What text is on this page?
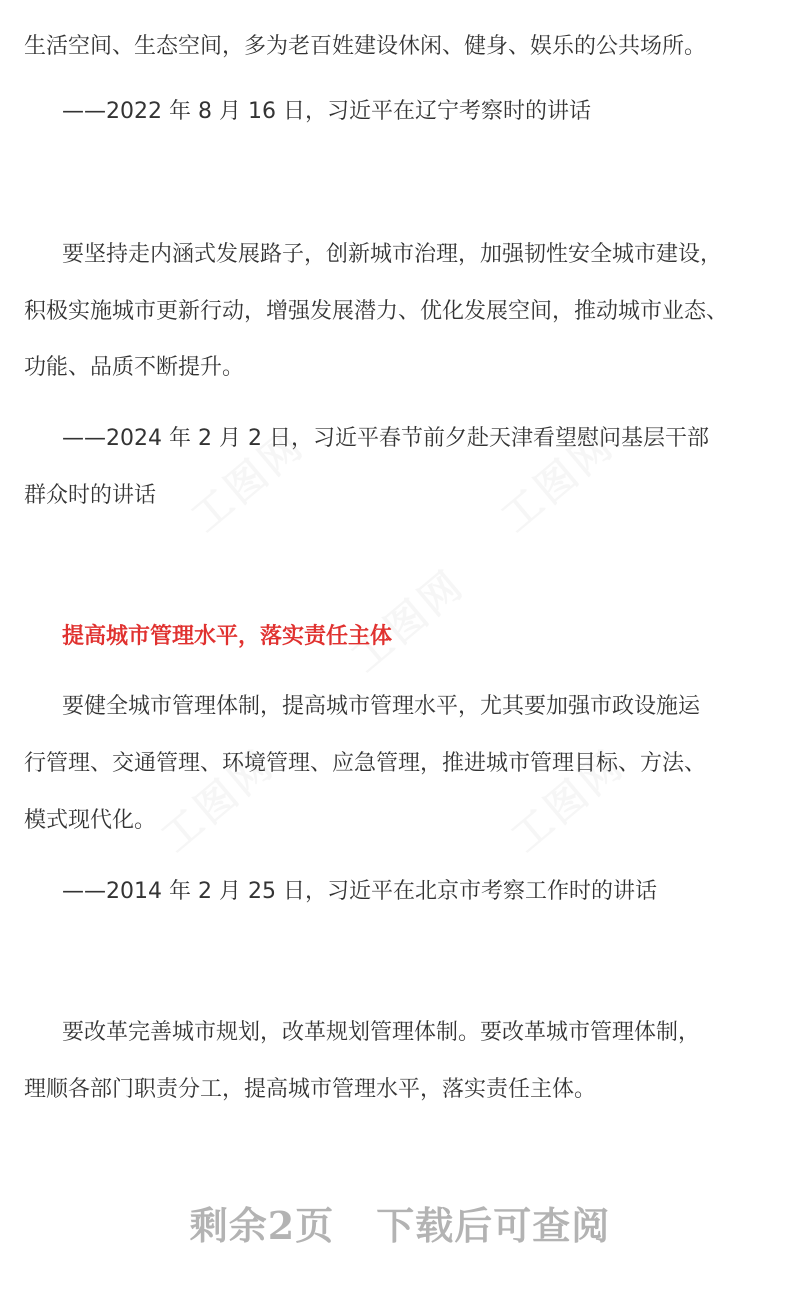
生活空间、生态空间，多为老百姓建设休闲、健身、娱乐的公共场所。
——2022 年 8 月 16 日，习近平在辽宁考察时的讲话
要坚持走内涵式发展路子，创新城市治理，加强韧性安全城市建设，
积极实施城市更新行动，增强发展潜力、优化发展空间，推动城市业态、
功能、品质不断提升。
——2024 年 2 月 2 日，习近平春节前夕赴天津看望慰问基层干部
群众时的讲话
提高城市管理水平，落实责任主体
要健全城市管理体制，提高城市管理水平，尤其要加强市政设施运
行管理、交通管理、环境管理、应急管理，推进城市管理目标、方法、
模式现代化。
——2014 年 2 月 25 日，习近平在北京市考察工作时的讲话
要改革完善城市规划，改革规划管理体制。要改革城市管理体制，
理顺各部门职责分工，提高城市管理水平，落实责任主体。
剩余2页 下载后可查阅
